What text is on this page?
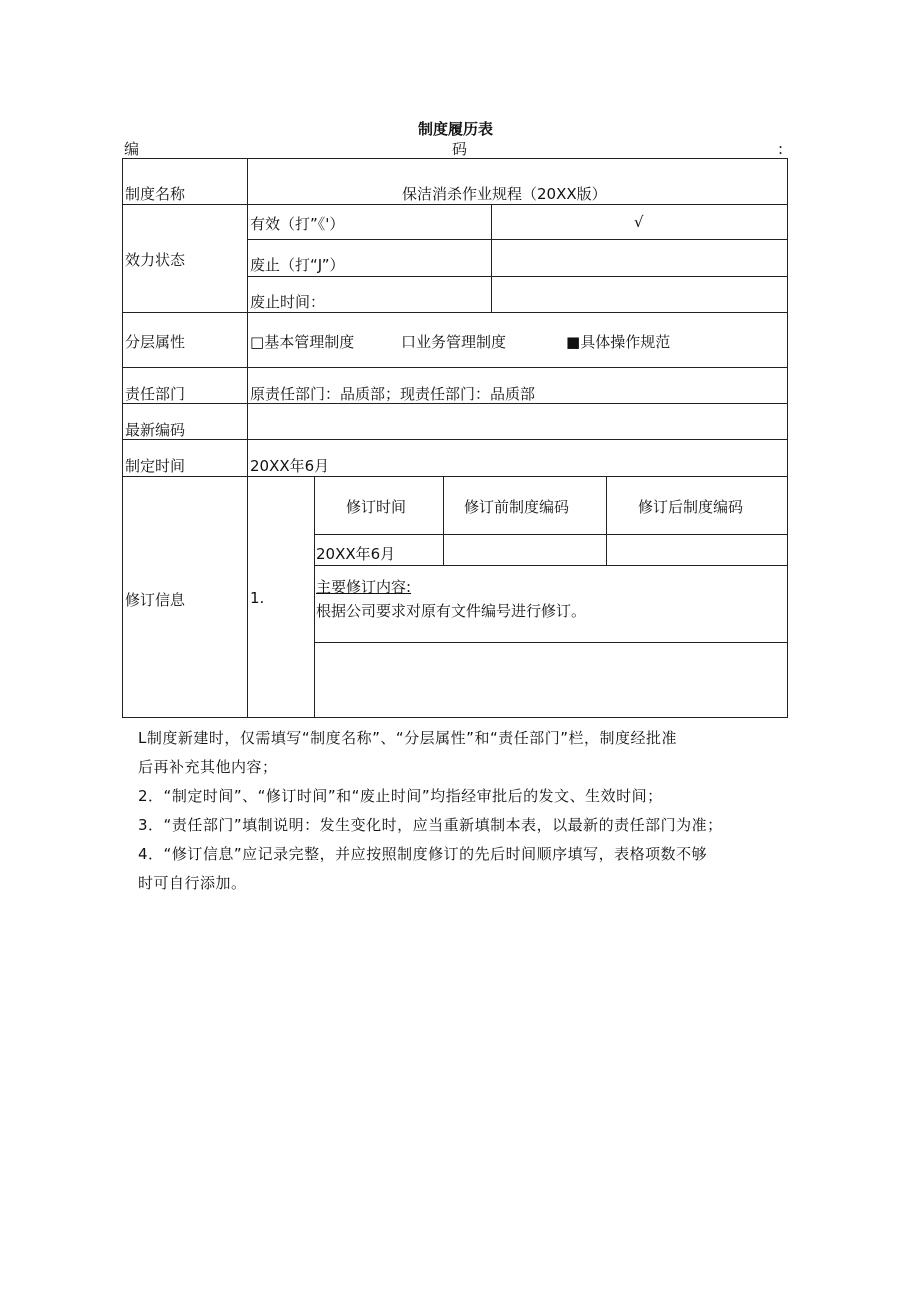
制度履历表
编	码	:
制度名称	保洁消杀作业规程（20XX版）
效力状态
有效（打”《'）	√
废止（打“J”）
废止时间：
分层属性	□基本管理制度	口业务管理制度	■具体操作规范
责任部门	原责任部门：品质部；现责任部门：品质部
最新编码
制定时间	20XX年6月
修订信息	1.
修订时间	修订前制度编码	修订后制度编码
20XX年6月
主要修订内容:
根据公司要求对原有文件编号进行修订。
L制度新建时，仅需填写“制度名称”、“分层属性”和“责任部门”栏，制度经批准
后再补充其他内容；
2．“制定时间”、“修订时间”和“废止时间”均指经审批后的发文、生效时间；
3．“责任部门”填制说明：发生变化时，应当重新填制本表，以最新的责任部门为准；
4．“修订信息”应记录完整，并应按照制度修订的先后时间顺序填写，表格项数不够
时可自行添加。
